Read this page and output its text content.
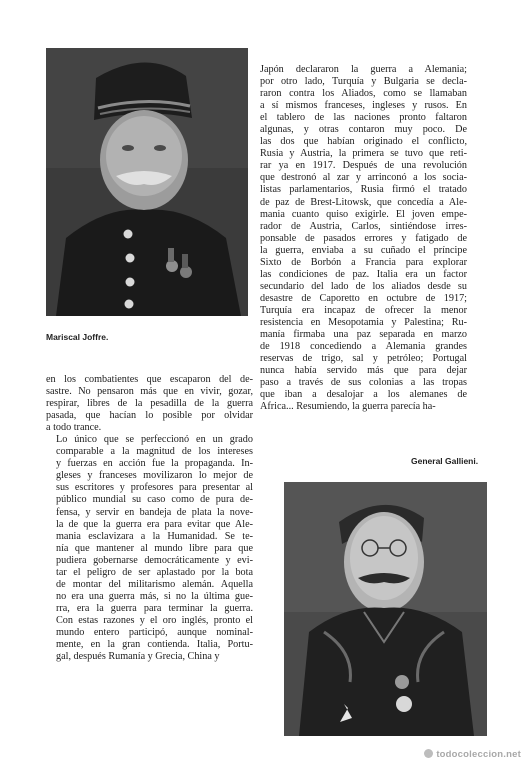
Mariscal Joffre.

Japón declararon la guerra a Alemania;
por otro lado, Turquía y Bulgaria se decla-
raron contra los Aliados, como se llamaban
a sí mismos franceses, ingleses y rusos. En
el tablero de las naciones pronto faltaron
algunas, y otras contaron muy poco. De
las dos que habían originado el conflicto,
Rusia y Austria, la primera se tuvo que reti-
rar ya en 1917. Después de una revolución
que destronó al zar y arrinconó a los socia-
listas parlamentarios, Rusia firmó el tratado
de paz de Brest-Litowsk, que concedía a Ale-
mania cuanto quiso exigirle. El joven empe-
rador de Austria, Carlos, sintiéndose irres-
ponsable de pasados errores y fatigado de
la guerra, enviaba a su cuñado el príncipe
Sixto de Borbón a Francia para explorar
las condiciones de paz. Italia era un factor
secundario del lado de los aliados desde su
desastre de Caporetto en octubre de 1917;
Turquía era incapaz de ofrecer la menor
resistencia en Mesopotamia y Palestina; Ru-
manía firmaba una paz separada en marzo
de 1918 concediendo a Alemania grandes
reservas de trigo, sal y petróleo; Portugal
nunca había servido más que para dejar
paso a través de sus colonias a las tropas
que iban a desalojar a los alemanes de
Africa... Resumiendo, la guerra parecía ha-

en los combatientes que escaparon del de-
sastre. No pensaron más que en vivir, gozar,
respirar, libres de la pesadilla de la guerra
pasada, que hacían lo posible por olvidar
a todo trance.

Lo único que se perfeccionó en un grado
comparable a la magnitud de los intereses
y fuerzas en acción fue la propaganda. In-
gleses y franceses movilizaron lo mejor de
sus escritores y profesores para presentar al
público mundial su caso como de pura de-
fensa, y servir en bandeja de plata la nove-
la de que la guerra era para evitar que Ale-
mania esclavizara a la Humanidad. Se te-
nía que mantener al mundo libre para que
pudiera gobernarse democráticamente y evi-
tar el peligro de ser aplastado por la bota
de montar del militarismo alemán. Aquella
no era una guerra más, si no la última gue-
rra, era la guerra para terminar la guerra.
Con estas razones y el oro inglés, pronto el
mundo entero participó, aunque nominal-
mente, en la gran contienda. Italia, Portu-
gal, después Rumanía y Grecia, China y

General Gallieni.
todocoleccion.net
